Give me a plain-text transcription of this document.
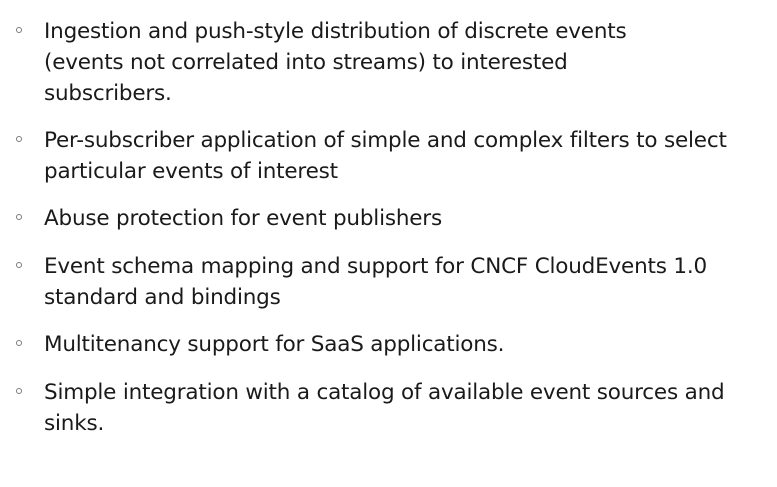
Ingestion and push-style distribution of discrete events (events not correlated into streams) to interested subscribers.
Per-subscriber application of simple and complex filters to select particular events of interest
Abuse protection for event publishers
Event schema mapping and support for CNCF CloudEvents 1.0 standard and bindings
Multitenancy support for SaaS applications.
Simple integration with a catalog of available event sources and sinks.
